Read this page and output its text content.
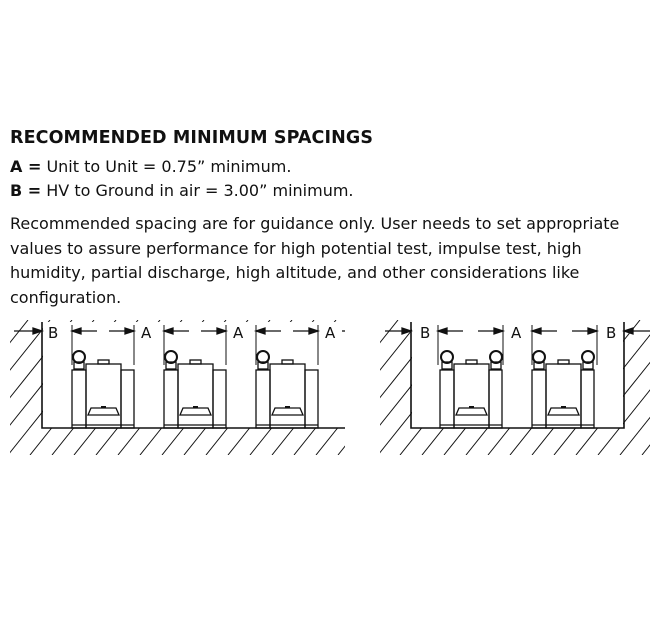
RECOMMENDED MINIMUM SPACINGS
A = Unit to Unit = 0.75” minimum.
B = HV to Ground in air = 3.00” minimum.
Recommended spacing are for guidance only. User needs to set appropriate values to assure performance for high potential test, impulse test, high humidity, partial discharge, high altitude, and other considerations like configuration.
B	A	A	A	B	A	B
